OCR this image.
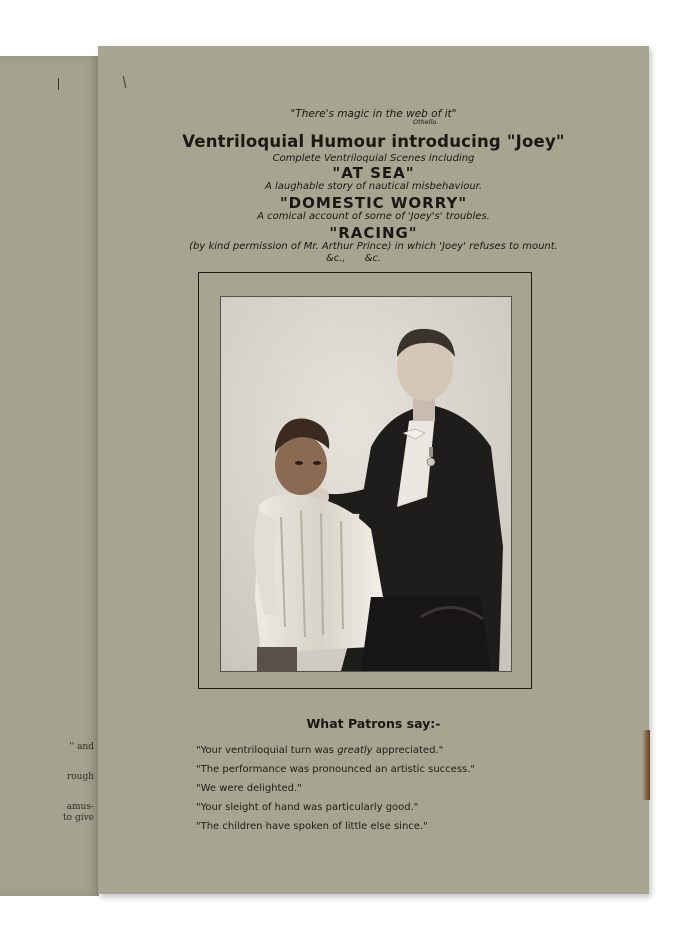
'' and
rough
amus-
to give
"There's magic in the web of it"
Othello.
Ventriloquial Humour introducing "Joey"
Complete Ventriloquial Scenes including
"AT SEA"
A laughable story of nautical misbehaviour.
"DOMESTIC WORRY"
A comical account of some of 'Joey's' troubles.
"RACING"
(by kind permission of Mr. Arthur Prince) in which 'Joey' refuses to mount.
&c.,      &c.
What Patrons say:-
"Your ventriloquial turn was greatly appreciated."
"The performance was pronounced an artistic success."
"We were delighted."
"Your sleight of hand was particularly good."
"The children have spoken of little else since."
